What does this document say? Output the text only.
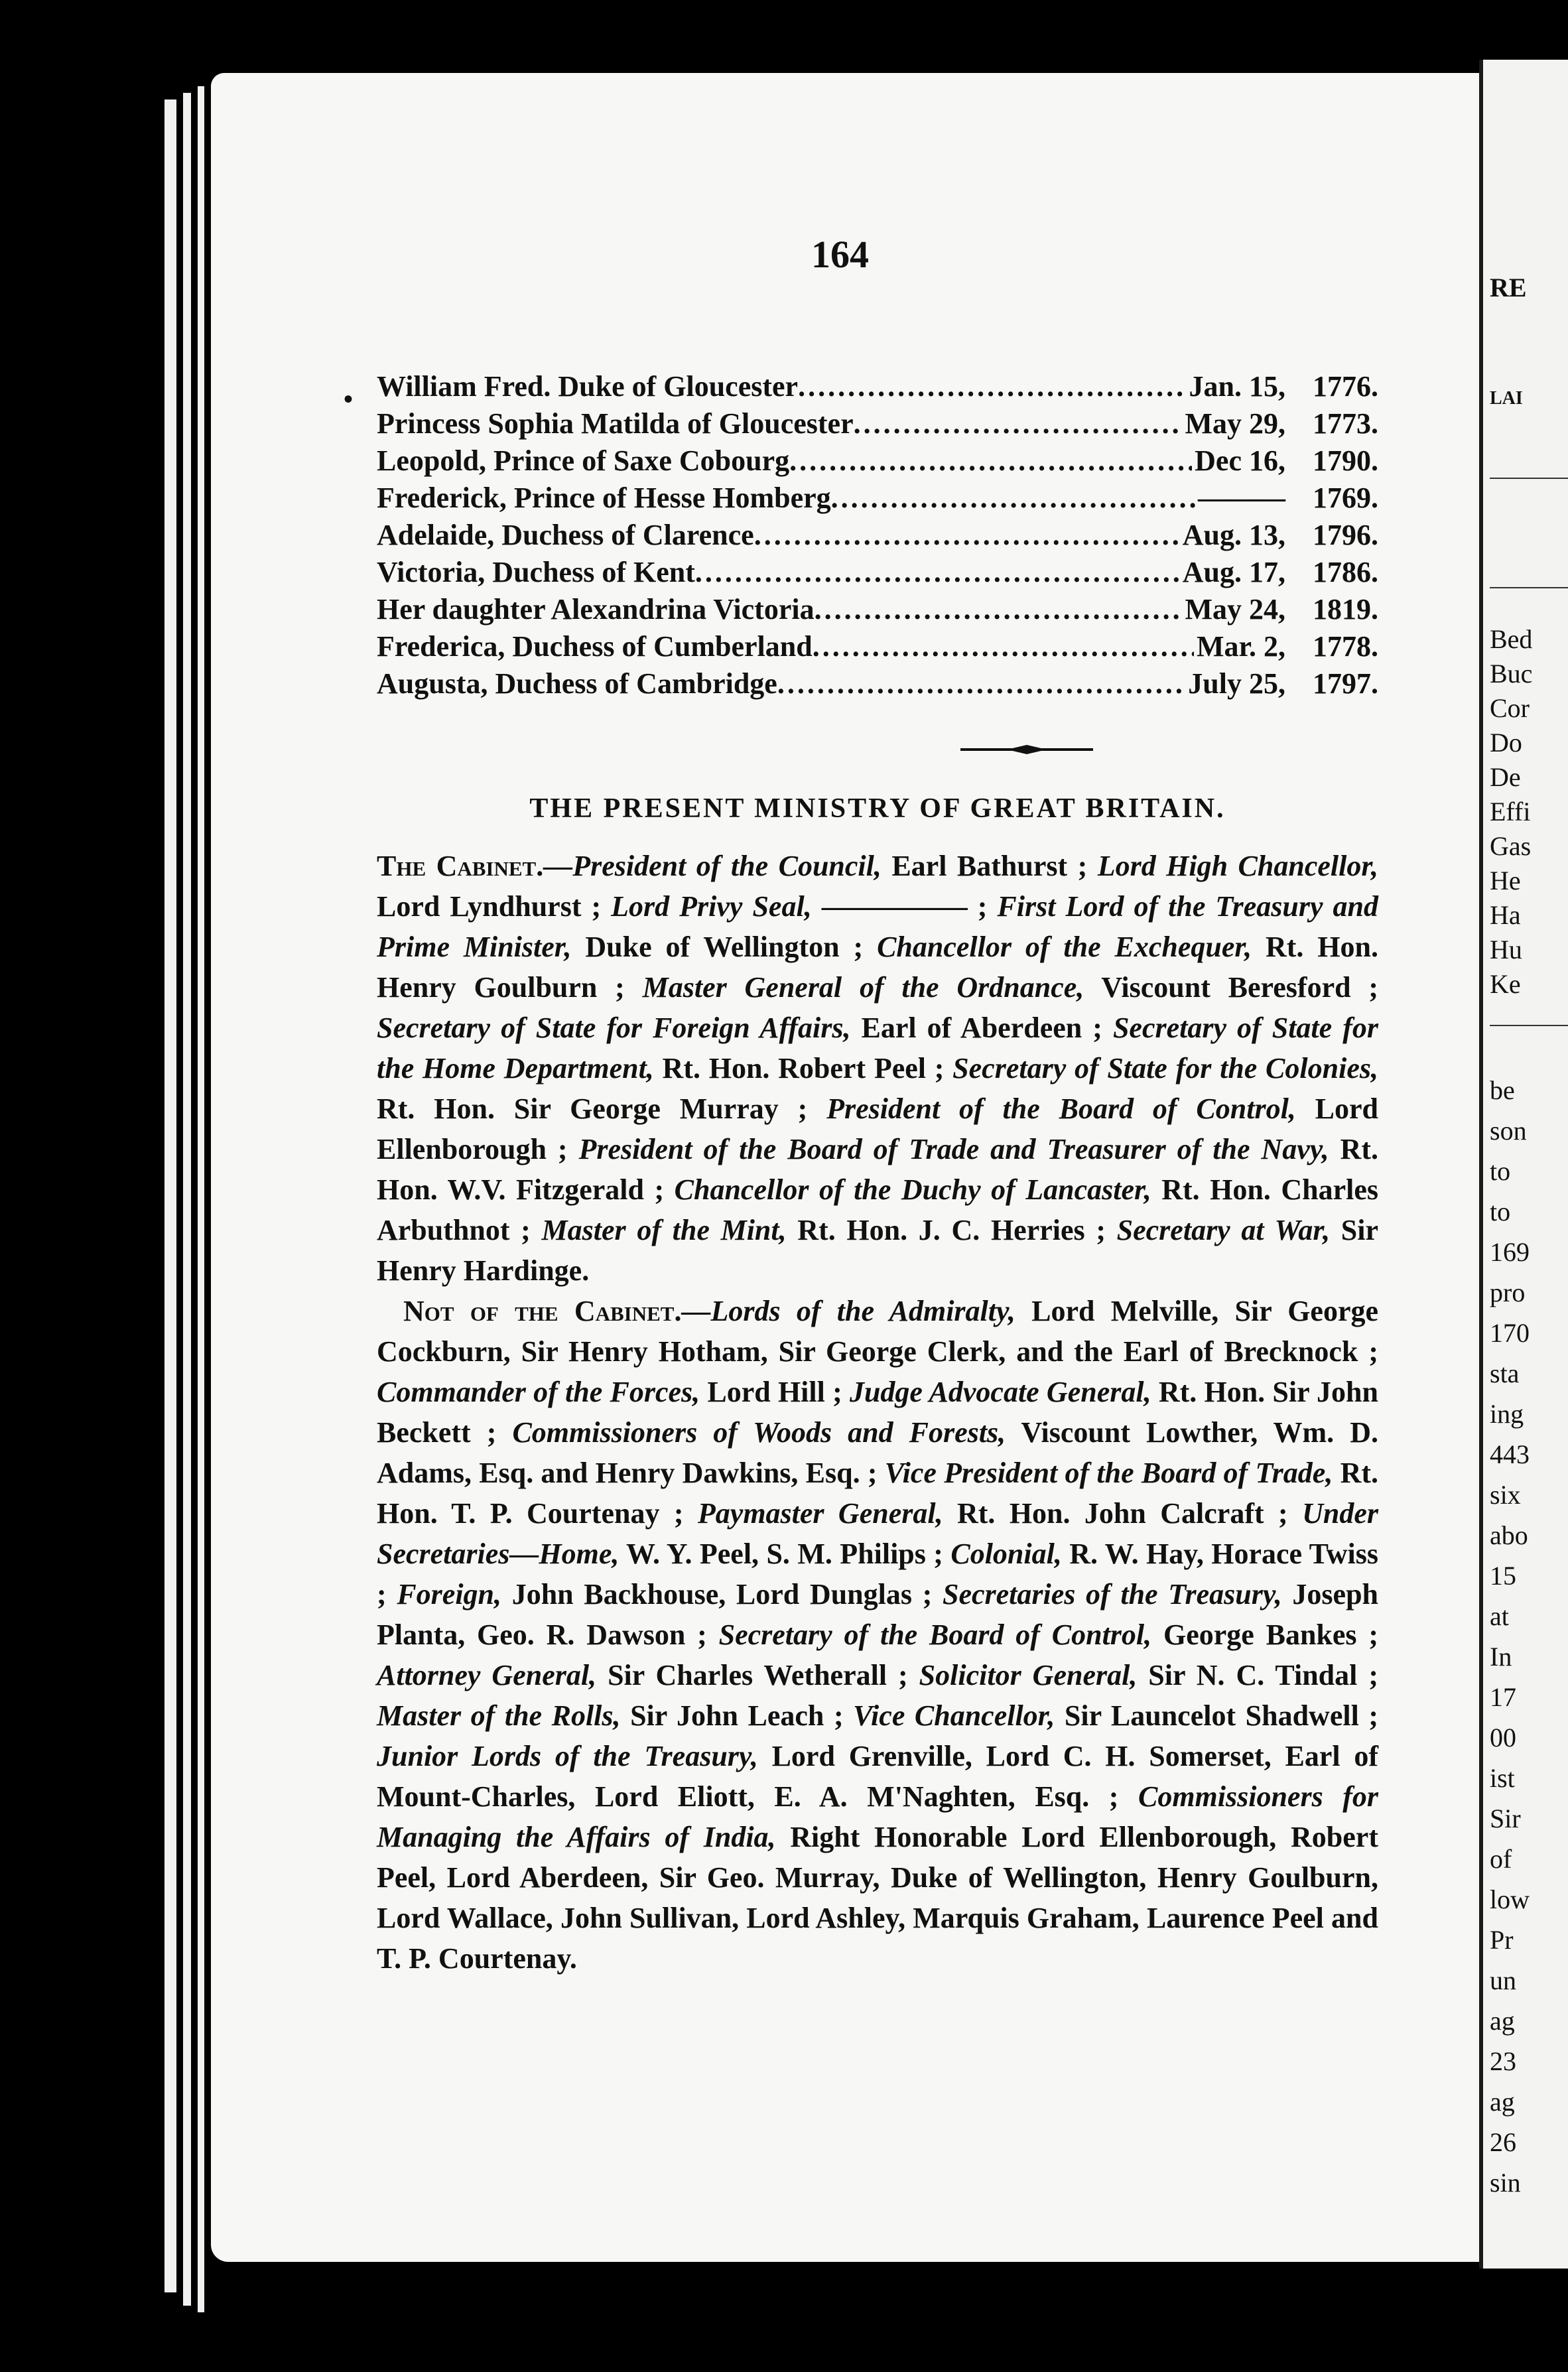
164
• William Fred. Duke of Gloucester .....	Jan. 15, 1776.
Princess Sophia Matilda of Gloucester .....	May 29, 1773.
Leopold, Prince of Saxe Cobourg .....	Dec 16, 1790.
Frederick, Prince of Hesse Homberg .....	——— 1769.
Adelaide, Duchess of Clarence .....	Aug. 13, 1796.
Victoria, Duchess of Kent .....	Aug. 17, 1786.
Her daughter Alexandrina Victoria .....	May 24, 1819.
Frederica, Duchess of Cumberland .....	Mar. 2, 1778.
Augusta, Duchess of Cambridge .....	July 25, 1797.
THE PRESENT MINISTRY OF GREAT BRITAIN.

The Cabinet.—President of the Council, Earl Bathurst ; Lord High Chancellor, Lord Lyndhurst ; Lord Privy Seal, ————— ; First Lord of the Treasury and Prime Minister, Duke of Wellington ; Chancellor of the Exchequer, Rt. Hon. Henry Goulburn ; Master General of the Ordnance, Viscount Beresford ; Secretary of State for Foreign Affairs, Earl of Aberdeen ; Secretary of State for the Home Department, Rt. Hon. Robert Peel ; Secretary of State for the Colonies, Rt. Hon. Sir George Murray ; President of the Board of Control, Lord Ellenborough ; President of the Board of Trade and Treasurer of the Navy, Rt. Hon. W.V. Fitzgerald ; Chancellor of the Duchy of Lancaster, Rt. Hon. Charles Arbuthnot ; Master of the Mint, Rt. Hon. J. C. Herries ; Secretary at War, Sir Henry Hardinge.

Not of the Cabinet.—Lords of the Admiralty, Lord Melville, Sir George Cockburn, Sir Henry Hotham, Sir George Clerk, and the Earl of Brecknock ; Commander of the Forces, Lord Hill ; Judge Advocate General, Rt. Hon. Sir John Beckett ; Commissioners of Woods and Forests, Viscount Lowther, Wm. D. Adams, Esq. and Henry Dawkins, Esq. ; Vice President of the Board of Trade, Rt. Hon. T. P. Courtenay ; Paymaster General, Rt. Hon. John Calcraft ; Under Secretaries—Home, W. Y. Peel, S. M. Philips ; Colonial, R. W. Hay, Horace Twiss ; Foreign, John Backhouse, Lord Dunglas ; Secretaries of the Treasury, Joseph Planta, Geo. R. Dawson ; Secretary of the Board of Control, George Bankes ; Attorney General, Sir Charles Wetherall ; Solicitor General, Sir N. C. Tindal ; Master of the Rolls, Sir John Leach ; Vice Chancellor, Sir Launcelot Shadwell ; Junior Lords of the Treasury, Lord Grenville, Lord C. H. Somerset, Earl of Mount-Charles, Lord Eliott, E. A. M'Naghten, Esq. ; Commissioners for Managing the Affairs of India, Right Honorable Lord Ellenborough, Robert Peel, Lord Aberdeen, Sir Geo. Murray, Duke of Wellington, Henry Goulburn, Lord Wallace, John Sullivan, Lord Ashley, Marquis Graham, Laurence Peel and T. P. Courtenay.

RE
LAI
Bed
Buc
Cor
Do
De
Effi
Gas
He
Ha
Hu
Ke
be
son
to
to
169
pro
170
sta
ing
443
six
abo
15
at
In
17
00
ist
Sir
of
low
Pr
un
ag
23
ag
26
sin
